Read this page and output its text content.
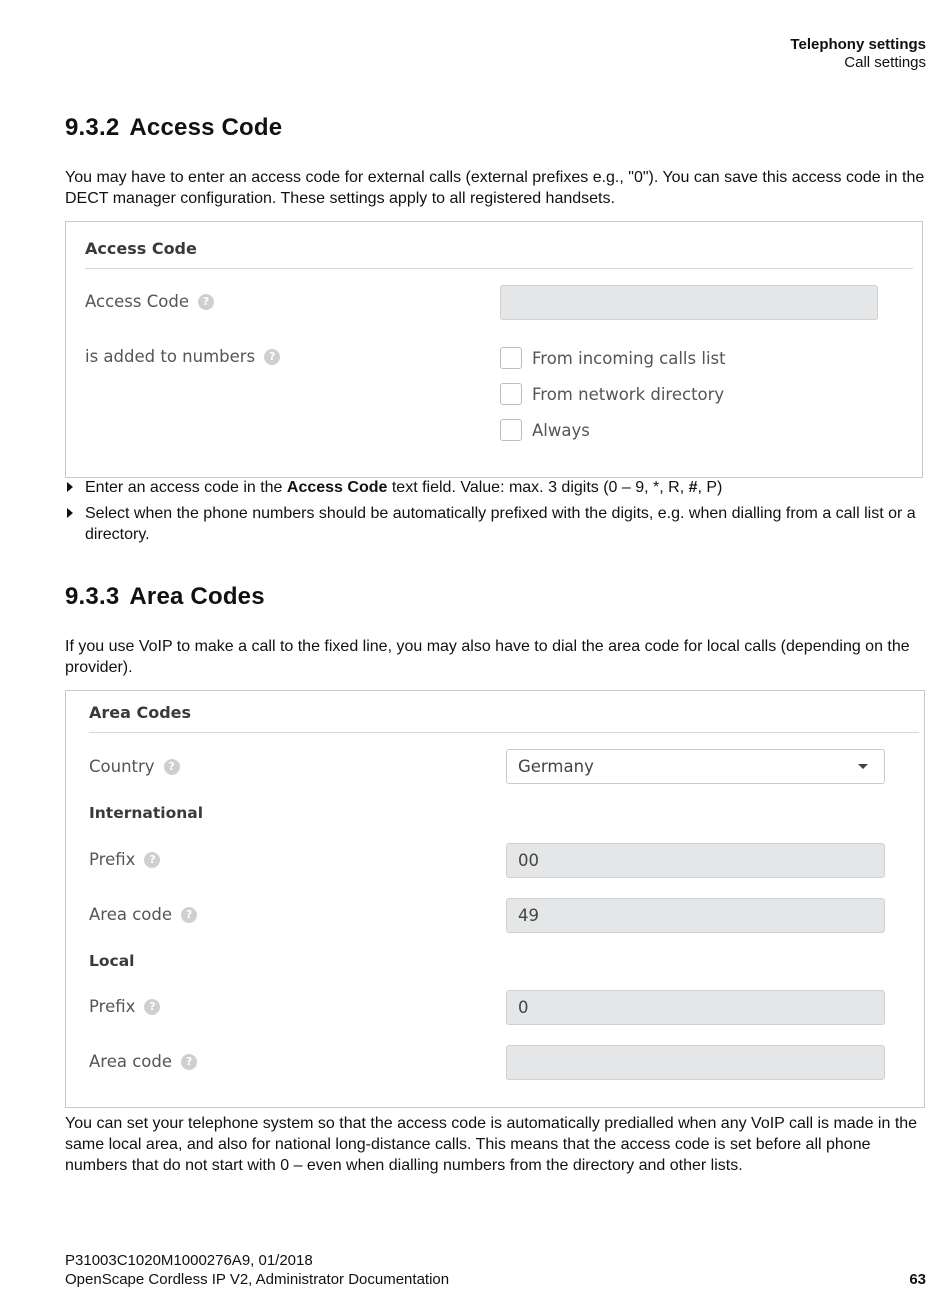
Telephony settings
Call settings
9.3.2 Access Code

You may have to enter an access code for external calls (external prefixes e.g., "0"). You can save this access code in the DECT manager configuration. These settings apply to all registered handsets.

Access Code
Access Code	?
is added to numbers	?	From incoming calls list
From network directory
Always
Enter an access code in the Access Code text field. Value: max. 3 digits (0 – 9, *, R, #, P)
Select when the phone numbers should be automatically prefixed with the digits, e.g. when dialling from a call list or a directory.
9.3.3 Area Codes

If you use VoIP to make a call to the fixed line, you may also have to dial the area code for local calls (depending on the provider).

Area Codes
Country	?	Germany
International
Prefix	?	00
Area code	?	49
Local
Prefix	?	0
Area code	?

You can set your telephone system so that the access code is automatically predialled when any VoIP call is made in the same local area, and also for national long-distance calls. This means that the access code is set before all phone numbers that do not start with 0 – even when dialling numbers from the directory and other lists.

P31003C1020M1000276A9, 01/2018
OpenScape Cordless IP V2, Administrator Documentation	63
